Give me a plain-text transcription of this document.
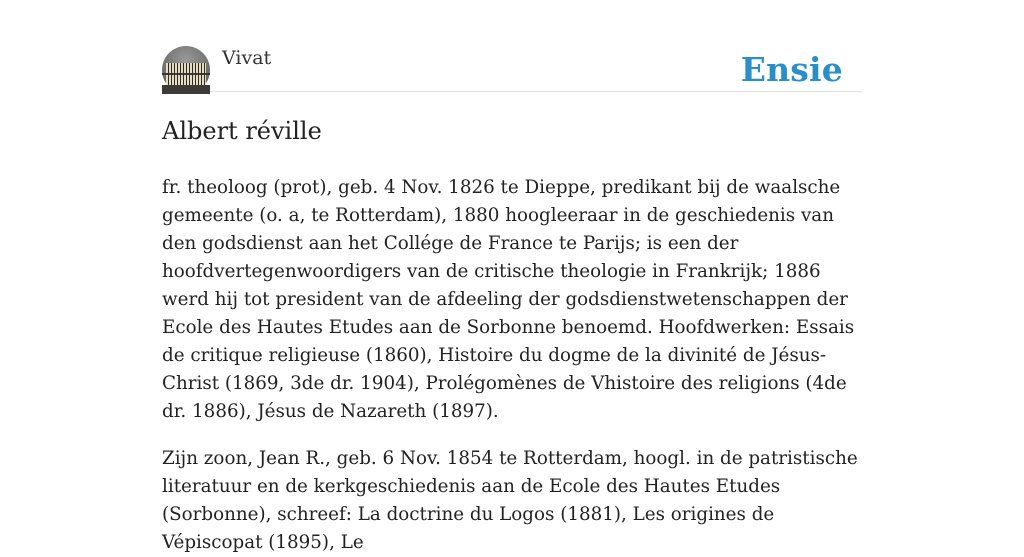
Vivat	Ensie
Albert réville

fr. theoloog (prot), geb. 4 Nov. 1826 te Dieppe, predikant bij de waalsche gemeente (o. a, te Rotterdam), 1880 hoogleeraar in de geschiedenis van den godsdienst aan het Collége de France te Parijs; is een der hoofdvertegenwoordigers van de critische theologie in Frankrijk; 1886 werd hij tot president van de afdeeling der godsdienstwetenschappen der Ecole des Hautes Etudes aan de Sorbonne benoemd. Hoofdwerken: Essais de critique religieuse (1860), Histoire du dogme de la divinité de Jésus-Christ (1869, 3de dr. 1904), Prolégomènes de Vhistoire des religions (4de dr. 1886), Jésus de Nazareth (1897).

Zijn zoon, Jean R., geb. 6 Nov. 1854 te Rotterdam, hoogl. in de patristische literatuur en de kerkgeschiedenis aan de Ecole des Hautes Etudes (Sorbonne), schreef: La doctrine du Logos (1881), Les origines de Vépiscopat (1895), Le
